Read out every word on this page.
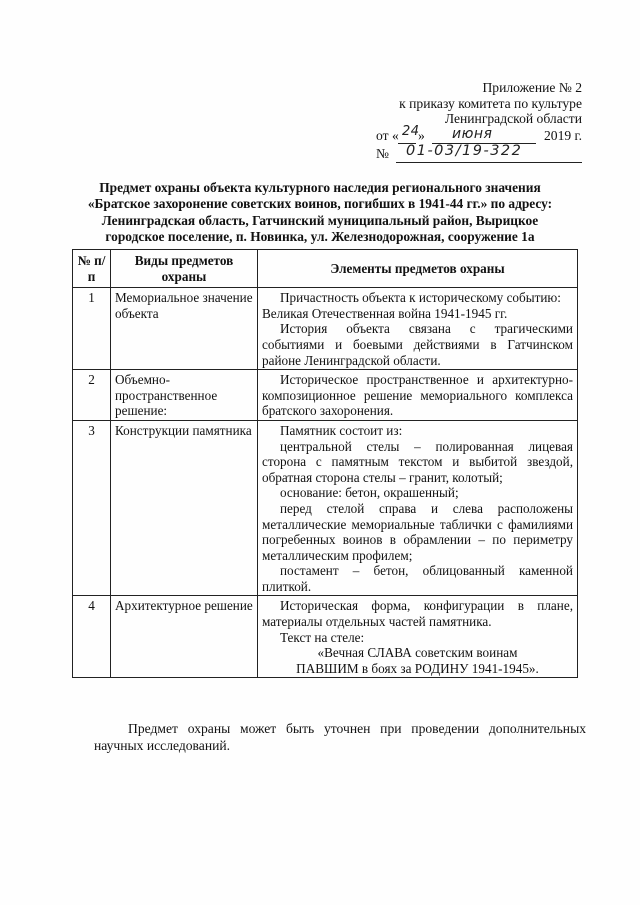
Приложение № 2
к приказу комитета по культуре
Ленинградской области
от « 24
» июня	2019 г.
№ 01-03/19-322
Предмет охраны объекта культурного наследия регионального значения
«Братское захоронение советских воинов, погибших в 1941-44 гг.» по адресу:
Ленинградская область, Гатчинский муниципальный район, Вырицкое
городское поселение, п. Новинка, ул. Железнодорожная, сооружение 1а
№ п/п	Виды предметов охраны	Элементы предметов охраны
1	Мемориальное значение объекта	Причастность объекта к историческому событию: Великая Отечественная война 1941-1945 гг.

История объекта связана с трагическими событиями и боевыми действиями в Гатчинском районе Ленинградской области.

2	Объемно-пространственное решение:	Историческое пространственное и архитектурно-композиционное решение мемориального комплекса братского захоронения.

3	Конструкции памятника	Памятник состоит из:

центральной стелы – полированная лицевая сторона с памятным текстом и выбитой звездой, обратная сторона стелы – гранит, колотый;

основание: бетон, окрашенный;

перед стелой справа и слева расположены металлические мемориальные таблички с фамилиями погребенных воинов в обрамлении – по периметру металлическим профилем;

постамент – бетон, облицованный каменной плиткой.

4	Архитектурное решение	Историческая форма, конфигурации в плане, материалы отдельных частей памятника.

Текст на стеле:

«Вечная СЛАВА советским воинам

ПАВШИМ в боях за РОДИНУ 1941-1945».

Предмет охраны может быть уточнен при проведении дополнительных научных исследований.
